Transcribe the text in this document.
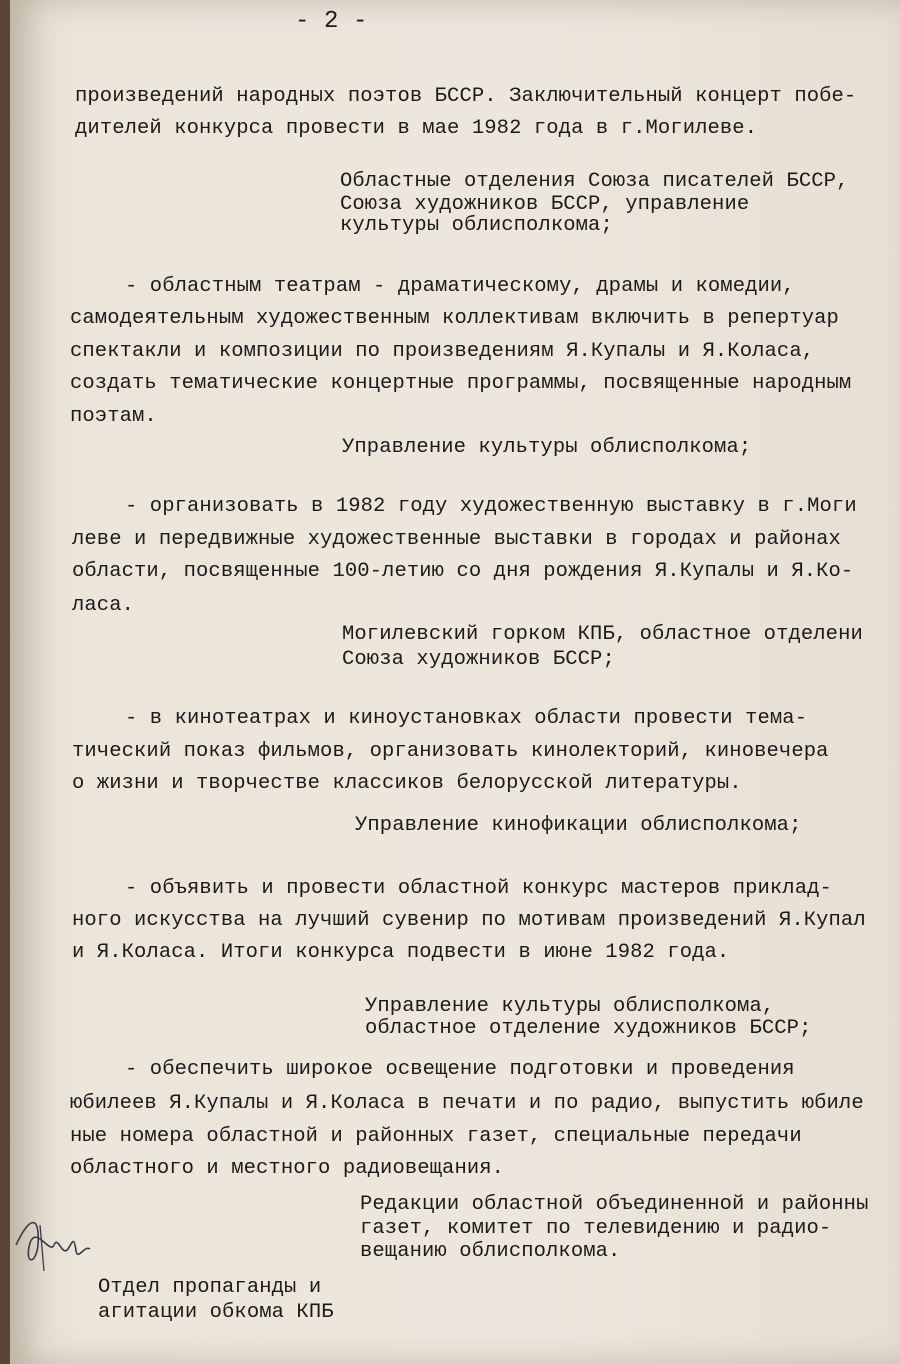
- 2 -
произведений народных поэтов БССР. Заключительный концерт побе-
дителей конкурса провести в мае 1982 года в г.Могилеве.
Областные отделения Союза писателей БССР,
Союза художников БССР, управление
культуры облисполкома;
- областным театрам - драматическому, драмы и комедии,
самодеятельным художественным коллективам включить в репертуар
спектакли и композиции по произведениям Я.Купалы и Я.Коласа,
создать тематические концертные программы, посвященные народным
поэтам.
Управление культуры облисполкома;
- организовать в 1982 году художественную выставку в г.Моги
леве и передвижные художественные выставки в городах и районах
области, посвященные 100-летию со дня рождения Я.Купалы и Я.Ко-
ласа.
Могилевский горком КПБ, областное отделени
Союза художников БССР;
- в кинотеатрах и киноустановках области провести тема-
тический показ фильмов, организовать кинолекторий, киновечера
о жизни и творчестве классиков белорусской литературы.
Управление кинофикации облисполкома;
- объявить и провести областной конкурс мастеров приклад-
ного искусства на лучший сувенир по мотивам произведений Я.Купал
и Я.Коласа. Итоги конкурса подвести в июне 1982 года.
Управление культуры облисполкома,
областное отделение художников БССР;
- обеспечить широкое освещение подготовки и проведения
юбилеев Я.Купалы и Я.Коласа в печати и по радио, выпустить юбиле
ные номера областной и районных газет, специальные передачи
областного и местного радиовещания.
Редакции областной объединенной и районны
газет, комитет по телевидению и радио-
вещанию облисполкома.
Отдел пропаганды и
агитации обкома КПБ
